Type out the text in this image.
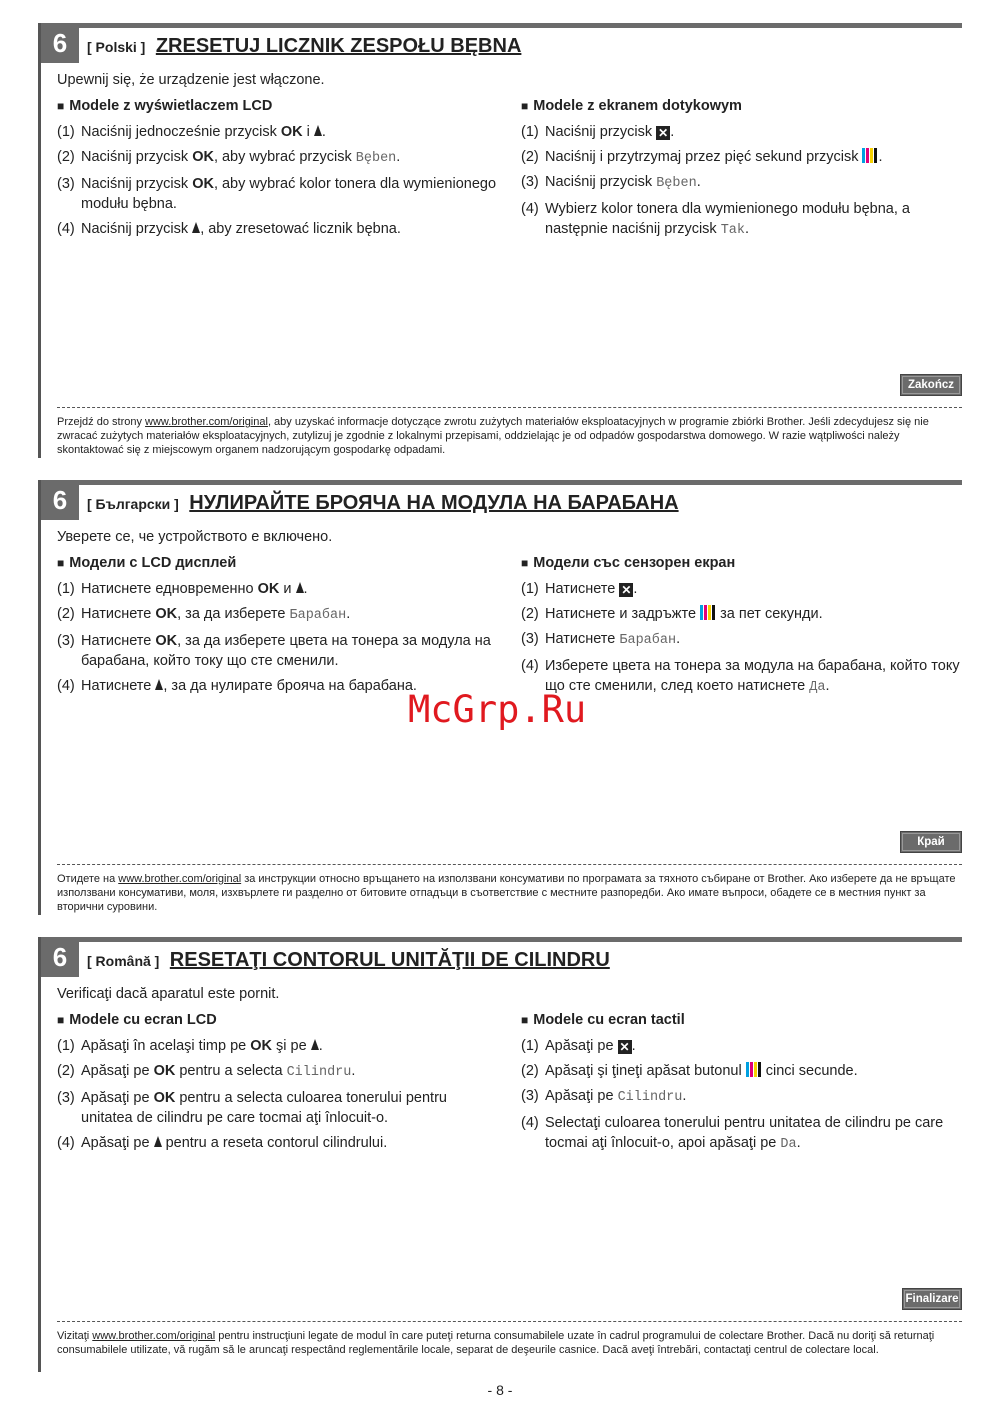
6	[ Polski ] ZRESETUJ LICZNIK ZESPOŁU BĘBNA
Upewnij się, że urządzenie jest włączone.
■ Modele z wyświetlaczem LCD
(1) Naciśnij jednocześnie przycisk OK i .
(2) Naciśnij przycisk OK, aby wybrać przycisk Bęben.
(3) Naciśnij przycisk OK, aby wybrać kolor tonera dla wymienionego modułu bębna.
(4) Naciśnij przycisk , aby zresetować licznik bębna.
■ Modele z ekranem dotykowym
(1) Naciśnij przycisk ✕ .
(2) Naciśnij i przytrzymaj przez pięć sekund przycisk
.
(3) Naciśnij przycisk Bęben.
(4) Wybierz kolor tonera dla wymienionego modułu bębna, a następnie naciśnij przycisk Tak.
Zakończ
Przejdź do strony www.brother.com/original, aby uzyskać informacje dotyczące zwrotu zużytych materiałów eksploatacyjnych w programie zbiórki Brother. Jeśli zdecydujesz się nie zwracać zużytych materiałów eksploatacyjnych, zutylizuj je zgodnie z lokalnymi przepisami, oddzielając je od odpadów gospodarstwa domowego. W razie wątpliwości należy skontaktować się z miejscowym organem nadzorującym gospodarkę odpadami.
6	[ Български ] НУЛИРАЙТЕ БРОЯЧА НА МОДУЛА НА БАРАБАНА
Уверете се, че устройството е включено.
■ Модели с LCD дисплей
(1) Натиснете едновременно OK и .
(2) Натиснете OK, за да изберете Барабан.
(3) Натиснете OK, за да изберете цвета на тонера за модула на барабана, който току що сте сменили.
(4) Натиснете , за да нулирате брояча на барабана.
■ Модели със сензорен екран
(1) Натиснете ✕ .
(2) Натиснете и задръжте
за пет секунди.
(3) Натиснете Барабан.
(4) Изберете цвета на тонера за модула на барабана, който току що сте сменили, след което натиснете Да.
Край
Отидете на www.brother.com/original за инструкции относно връщането на използвани консумативи по програмата за тяхното събиране от Brother. Ако изберете да не връщате използвани консумативи, моля, изхвърлете ги разделно от битовите отпадъци в съответствие с местните разпоредби. Ако имате въпроси, обадете се в местния пункт за вторични суровини.
6	[ Română ] RESETAŢI CONTORUL UNITĂŢII DE CILINDRU
Verificaţi dacă aparatul este pornit.
■ Modele cu ecran LCD
(1) Apăsaţi în acelaşi timp pe OK şi pe .
(2) Apăsaţi pe OK pentru a selecta Cilindru.
(3) Apăsaţi pe OK pentru a selecta culoarea tonerului pentru unitatea de cilindru pe care tocmai aţi înlocuit-o.
(4) Apăsaţi pe  pentru a reseta contorul cilindrului.
■ Modele cu ecran tactil
(1) Apăsaţi pe ✕ .
(2) Apăsaţi şi ţineţi apăsat butonul
cinci secunde.
(3) Apăsaţi pe Cilindru.
(4) Selectaţi culoarea tonerului pentru unitatea de cilindru pe care tocmai aţi înlocuit-o, apoi apăsaţi pe Da.
Finalizare
Vizitaţi www.brother.com/original pentru instrucţiuni legate de modul în care puteţi returna consumabilele uzate în cadrul programului de colectare Brother. Dacă nu doriţi să returnaţi consumabilele utilizate, vă rugăm să le aruncaţi respectând reglementările locale, separat de deşeurile casnice. Dacă aveţi întrebări, contactaţi centrul de colectare local.
McGrp.Ru
- 8 -
